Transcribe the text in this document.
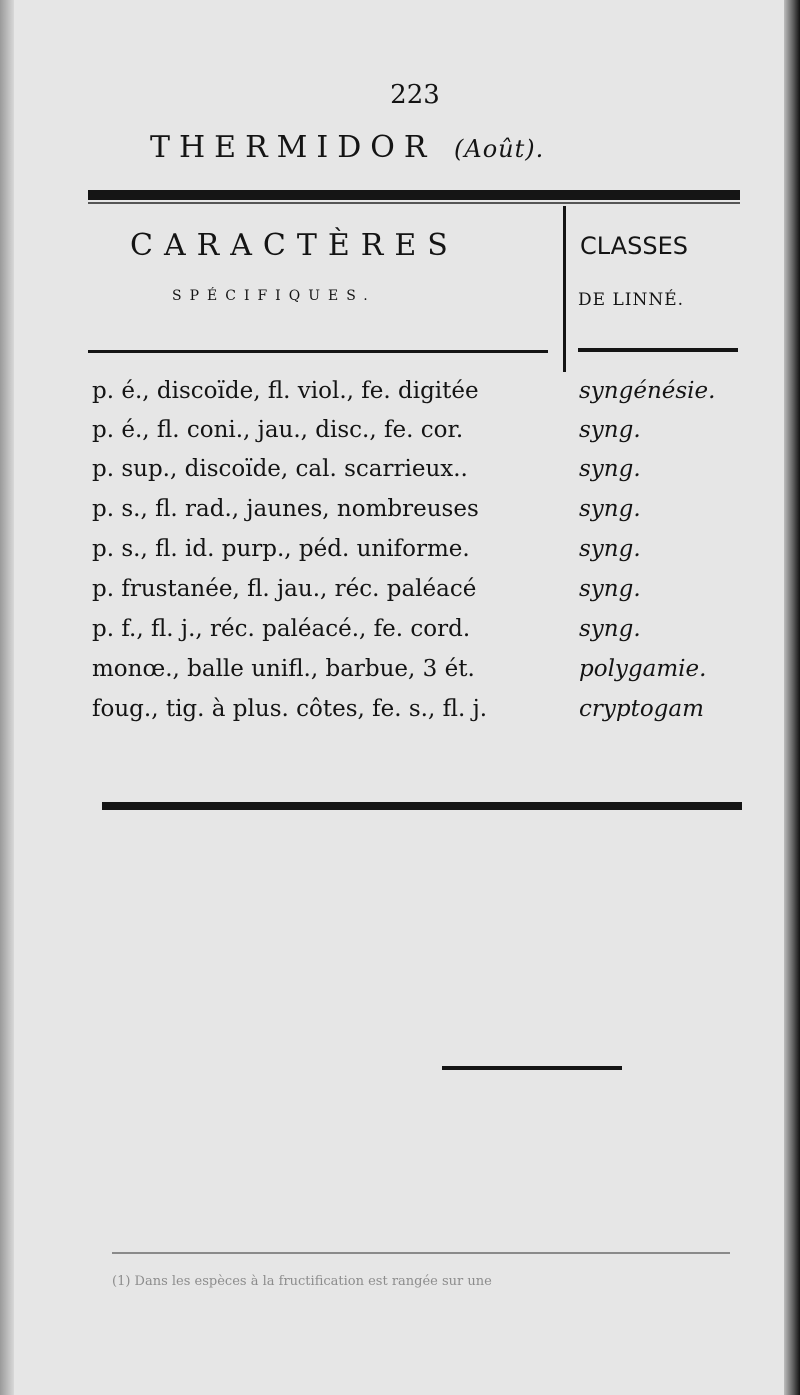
223
THERMIDOR (Août).
CARACTÈRES
SPÉCIFIQUES.
CLASSES
DE LINNÉ.
p. é., discoïde, fl. viol., fe. digitée	syngénésie.
p. é., fl. coni., jau., disc., fe. cor.	syng.
p. sup., discoïde, cal. scarrieux..	syng.
p. s., fl. rad., jaunes, nombreuses	syng.
p. s., fl. id. purp., péd. uniforme.	syng.
p. frustanée, fl. jau., réc. paléacé	syng.
p. f., fl. j., réc. paléacé., fe. cord.	syng.
monœ., balle unifl., barbue, 3 ét.	polygamie.
foug., tig. à plus. côtes, fe. s., fl. j.	cryptogam
(1) Dans les espèces à la fructification est rangée sur une
